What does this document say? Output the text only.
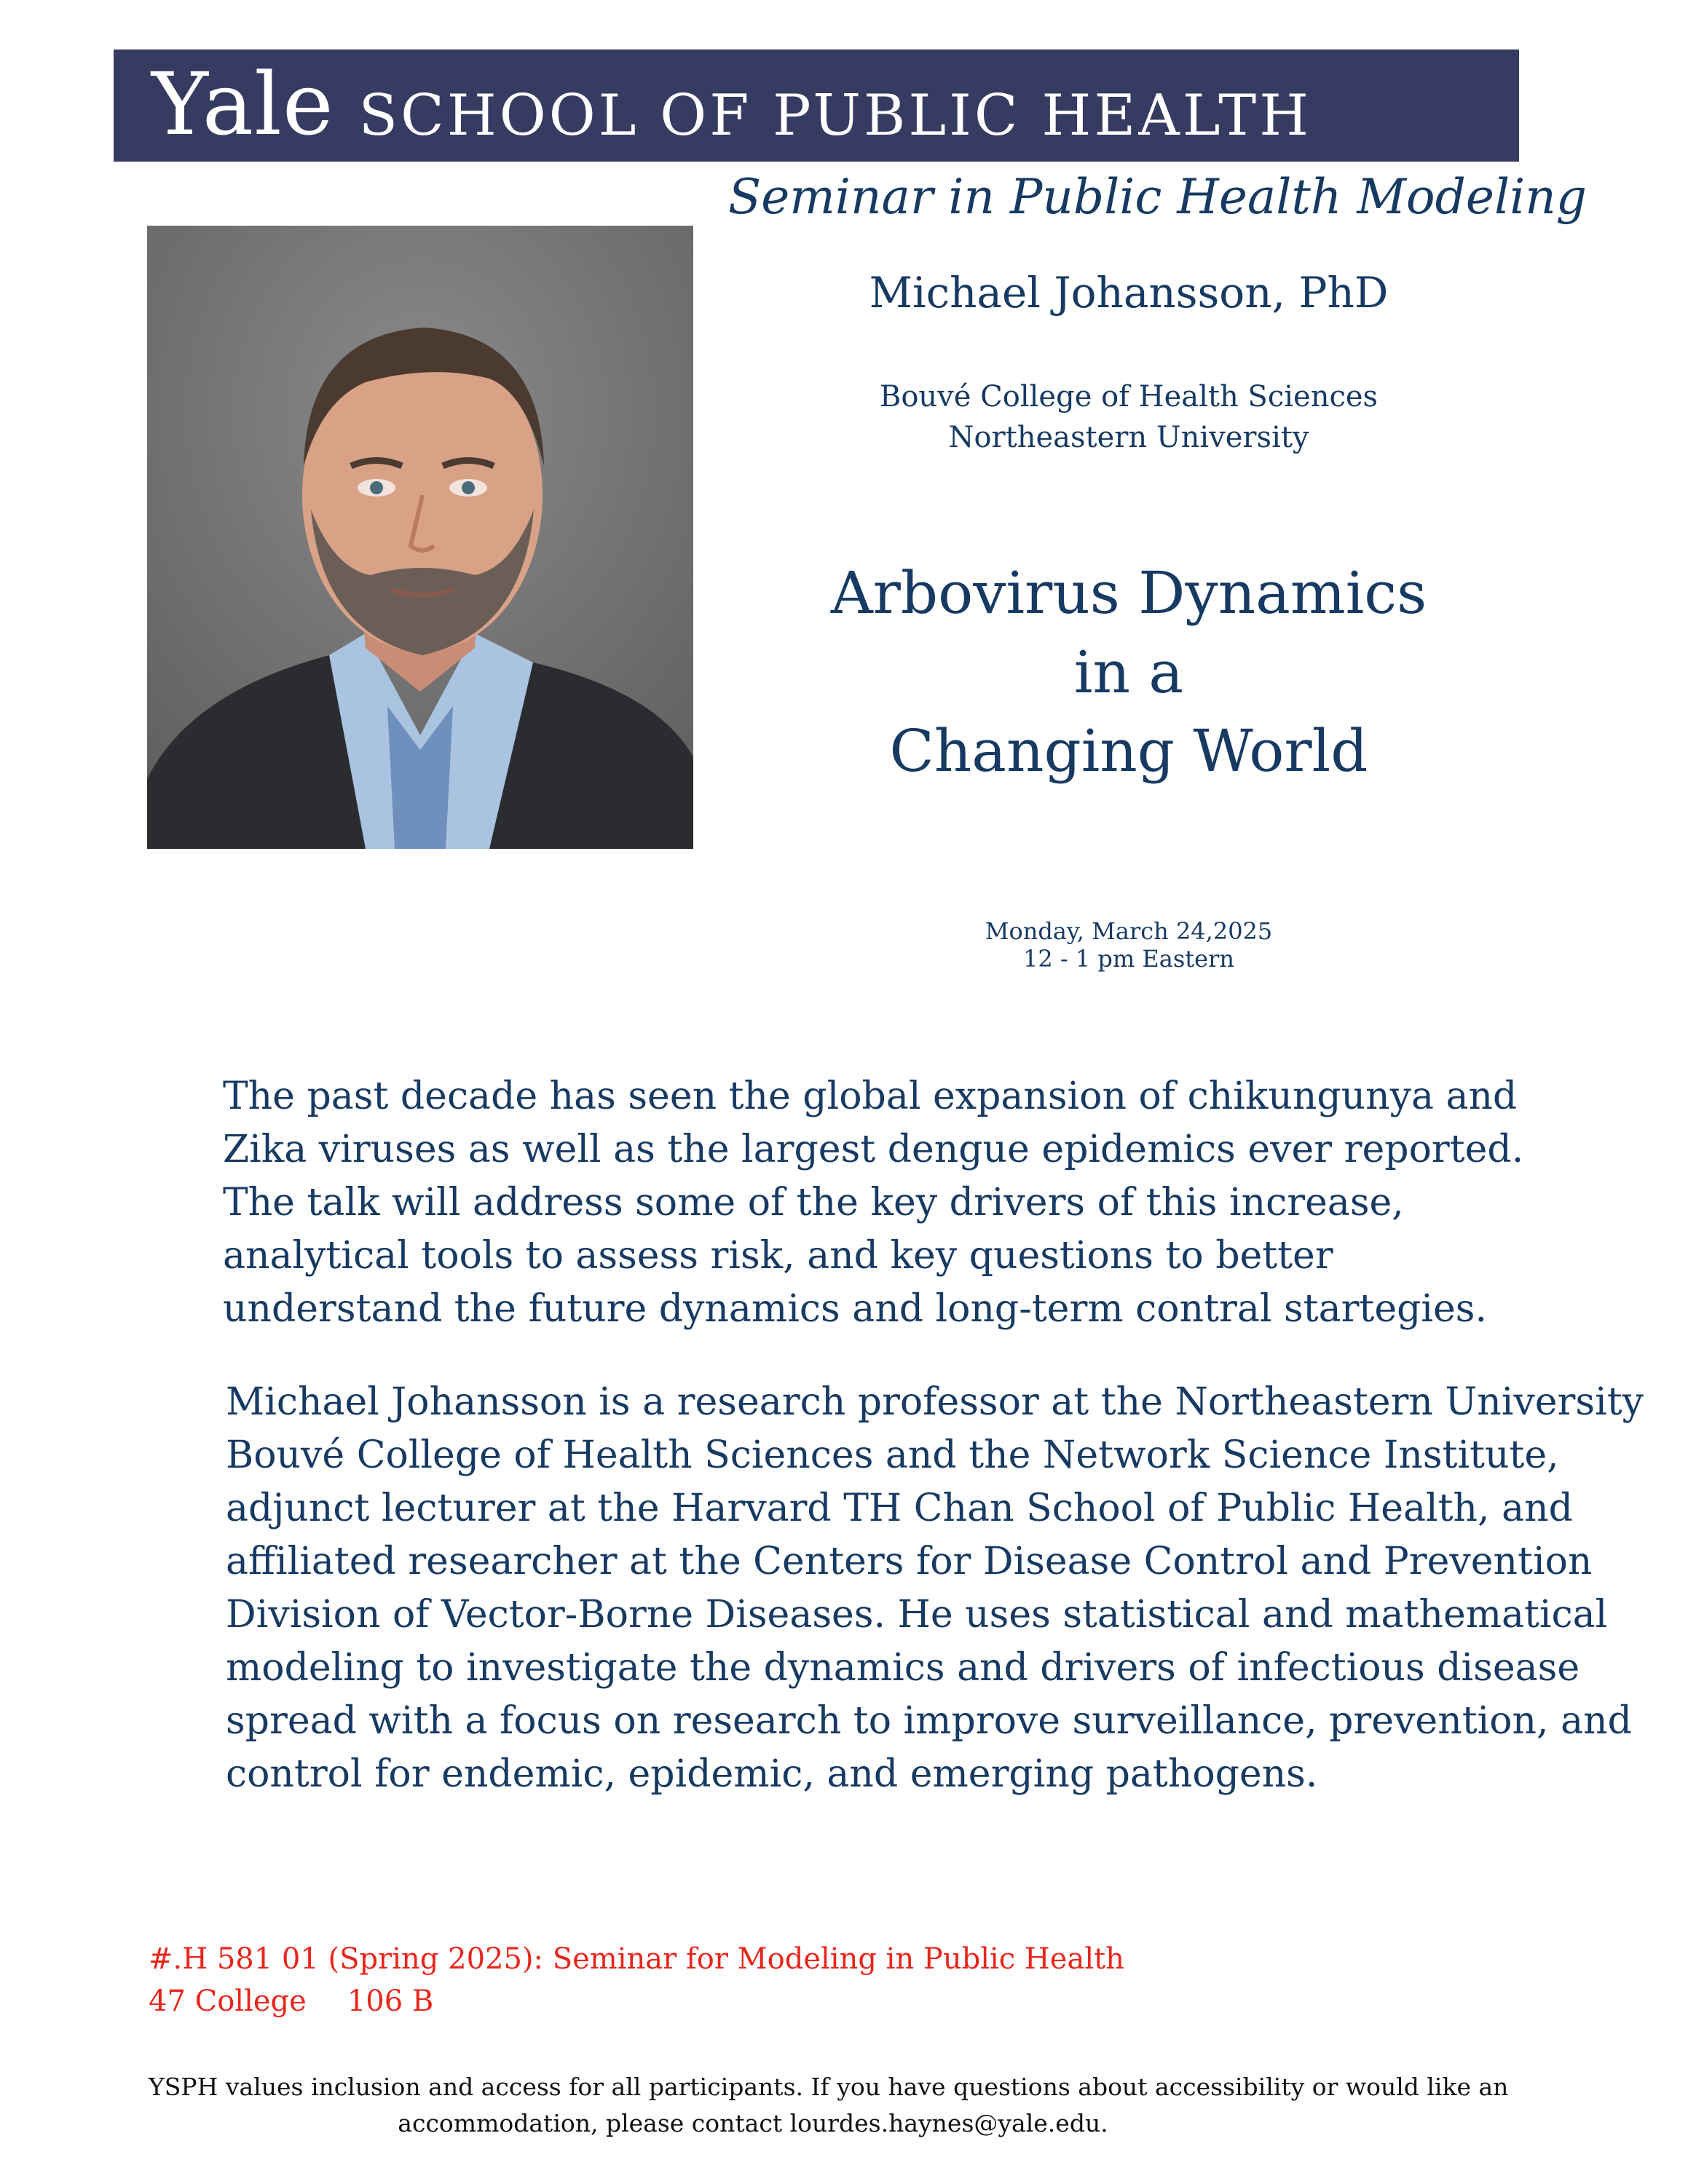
Yale SCHOOL OF PUBLIC HEALTH
Seminar in Public Health Modeling
Michael Johansson, PhD
Bouvé College of Health Sciences
Northeastern University
Arbovirus Dynamics
in a
Changing World
Monday, March 24,2025
12 - 1 pm Eastern
The past decade has seen the global expansion of chikungunya and
Zika viruses as well as the largest dengue epidemics ever reported.
The talk will address some of the key drivers of this increase,
analytical tools to assess risk, and key questions to better
understand the future dynamics and long-term contral startegies.
Michael Johansson is a research professor at the Northeastern University
Bouvé College of Health Sciences and the Network Science Institute,
adjunct lecturer at the Harvard TH Chan School of Public Health, and
affiliated researcher at the Centers for Disease Control and Prevention
Division of Vector-Borne Diseases. He uses statistical and mathematical
modeling to investigate the dynamics and drivers of infectious disease
spread with a focus on research to improve surveillance, prevention, and
control for endemic, epidemic, and emerging pathogens.
#.H 581 01 (Spring 2025): Seminar for Modeling in Public Health
47 College 106 B
YSPH values inclusion and access for all participants. If you have questions about accessibility or would like an
accommodation, please contact lourdes.haynes@yale.edu.
